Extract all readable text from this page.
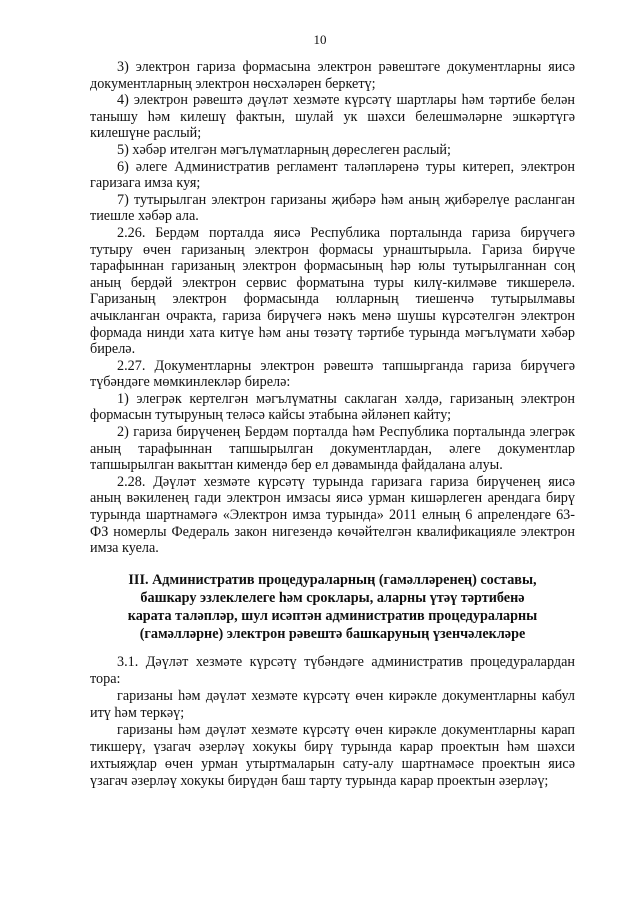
10

3) электрон гариза формасына электрон рәвештәге документларны яисә документларның электрон нөсхәләрен беркетү;

4) электрон рәвештә дәүләт хезмәте күрсәтү шартлары һәм тәртибе белән танышу һәм килешү фактын, шулай ук шәхси белешмәләрне эшкәртүгә килешүне раслый;

5) хәбәр ителгән мәгълүматларның дөреслеген раслый;

6) әлеге Административ регламент таләпләренә туры китереп, электрон гаризага имза куя;

7) тутырылган электрон гаризаны җибәрә һәм аның җибәрелүе расланган тиешле хәбәр ала.

2.26. Бердәм порталда яисә Республика порталында гариза бирүчегә тутыру өчен гаризаның электрон формасы урнаштырыла. Гариза бирүче тарафыннан гаризаның электрон формасының һәр юлы тутырылганнан соң аның бердәй электрон сервис форматына туры килү-килмәве тикшерелә. Гаризаның электрон формасында юлларның тиешенчә тутырылмавы ачыкланган очракта, гариза бирүчегә нәкъ менә шушы күрсәтелгән электрон формада нинди хата китүе һәм аны төзәтү тәртибе турында мәгълүмати хәбәр бирелә.

2.27. Документларны электрон рәвештә тапшырганда гариза бирүчегә түбәндәге мөмкинлекләр бирелә:

1) элегрәк кертелгән мәгълүматны саклаган хәлдә, гаризаның электрон формасын тутыруның теләсә кайсы этабына әйләнеп кайту;

2) гариза бирүченең Бердәм порталда һәм Республика порталында элегрәк аның тарафыннан тапшырылган документлардан, әлеге документлар тапшырылган вакыттан кимендә бер ел дәвамында файдалана алуы.

2.28. Дәүләт хезмәте күрсәтү турында гаризага гариза бирүченең яисә аның вәкиленең гади электрон имзасы яисә урман кишәрлеген арендага бирү турында шартнамәгә «Электрон имза турында» 2011 елның 6 апрелендәге 63-ФЗ номерлы Федераль закон нигезендә көчәйтелгән квалификацияле электрон имза куела.

III. Административ процедураларның (гамәлләренең) составы,
башкару эзлеклелеге һәм сроклары, аларны үтәү тәртибенә
карата таләпләр, шул исәптән административ процедураларны
(гамәлләрне) электрон рәвештә башкаруның үзенчәлекләре

3.1. Дәүләт хезмәте күрсәтү түбәндәге административ процедуралардан тора:

гаризаны һәм дәүләт хезмәте күрсәтү өчен кирәкле документларны кабул итү һәм теркәү;

гаризаны һәм дәүләт хезмәте күрсәтү өчен кирәкле документларны карап тикшерү, үзагач әзерләү хокукы бирү турында карар проектын һәм шәхси ихтыяҗлар өчен урман утыртмаларын сату-алу шартнамәсе проектын яисә үзагач әзерләү хокукы бирүдән баш тарту турында карар проектын әзерләү;
